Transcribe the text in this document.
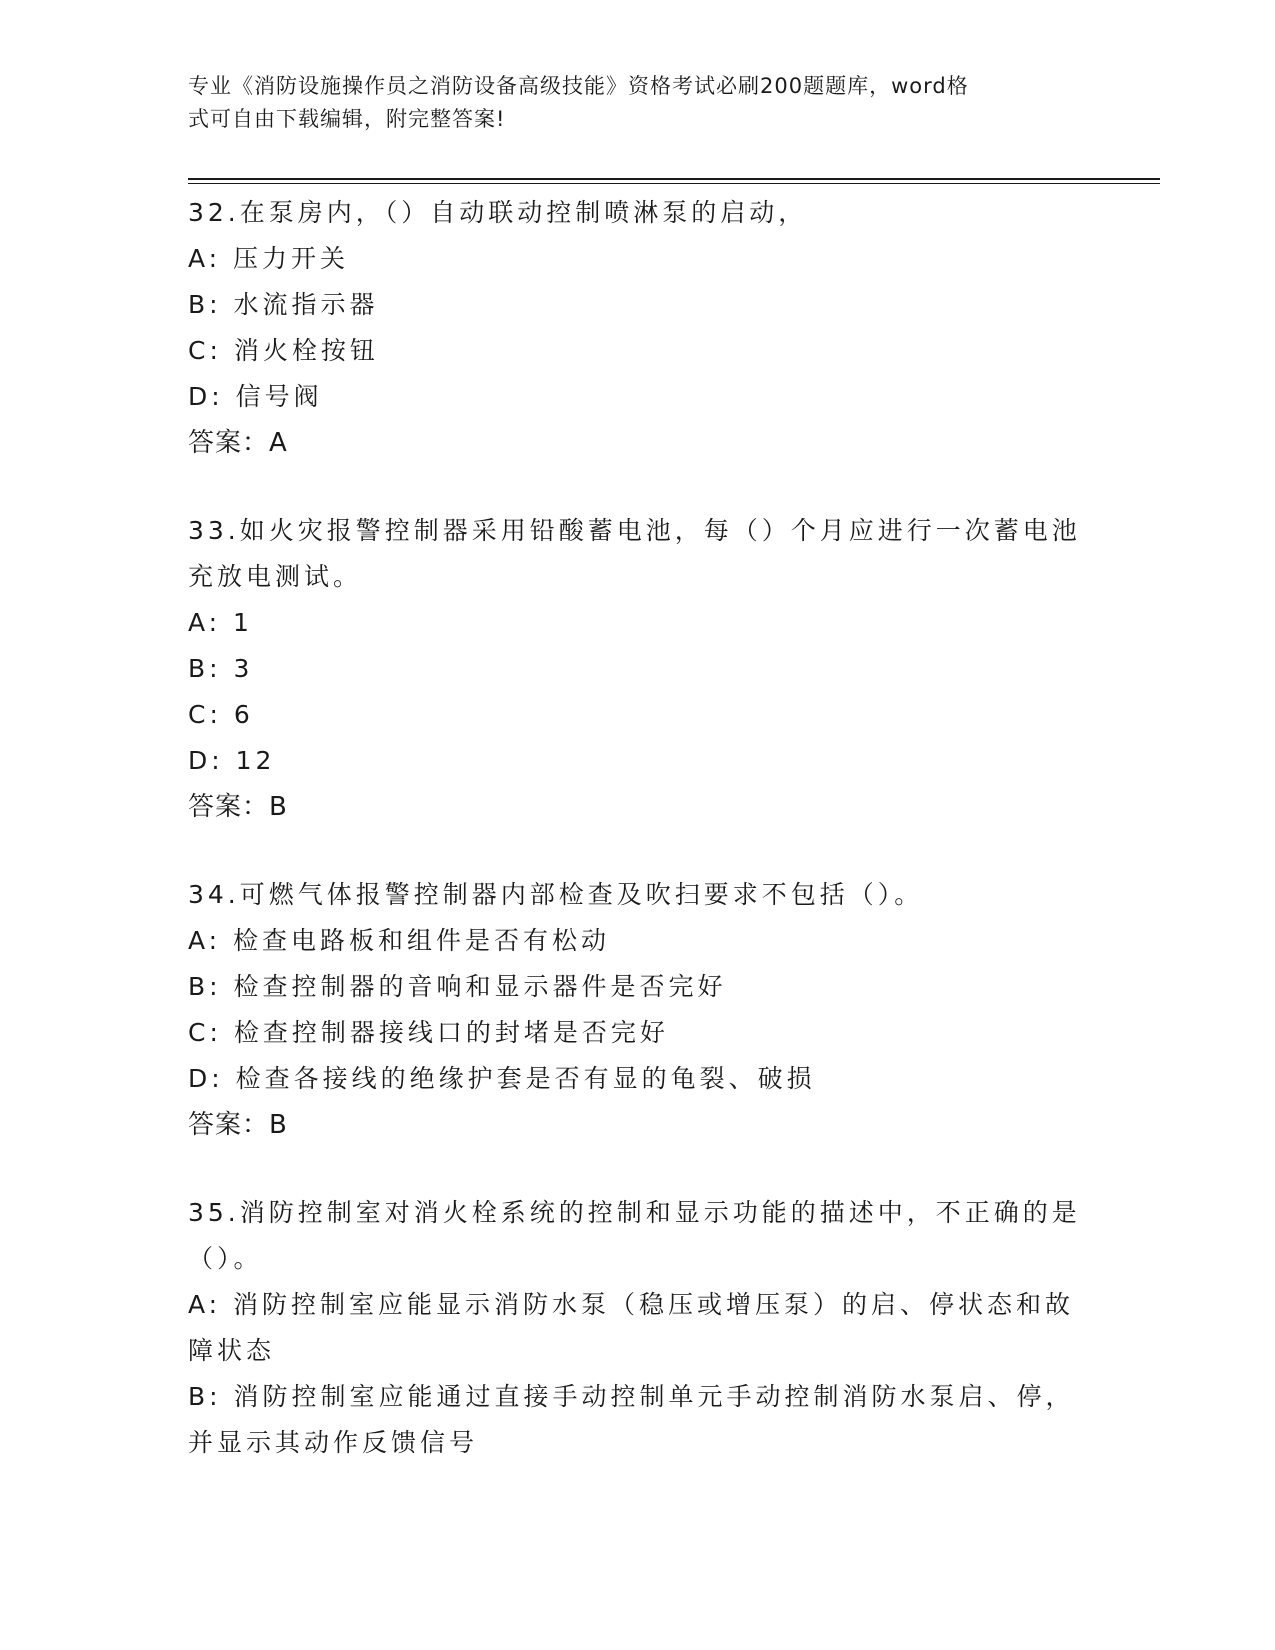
专业《消防设施操作员之消防设备高级技能》资格考试必刷200题题库，word格
式可自由下载编辑，附完整答案!
32.在泵房内，（）自动联动控制喷淋泵的启动，
A: 压力开关
B: 水流指示器
C: 消火栓按钮
D: 信号阀
答案：A
33.如火灾报警控制器采用铅酸蓄电池，每（）个月应进行一次蓄电池充放电测试。
A: 1
B: 3
C: 6
D: 12
答案：B
34.可燃气体报警控制器内部检查及吹扫要求不包括（）。
A: 检查电路板和组件是否有松动
B: 检查控制器的音响和显示器件是否完好
C: 检查控制器接线口的封堵是否完好
D: 检查各接线的绝缘护套是否有显的龟裂、破损
答案：B
35.消防控制室对消火栓系统的控制和显示功能的描述中，不正确的是（）。
A: 消防控制室应能显示消防水泵（稳压或增压泵）的启、停状态和故障状态
B: 消防控制室应能通过直接手动控制单元手动控制消防水泵启、停，并显示其动作反馈信号
